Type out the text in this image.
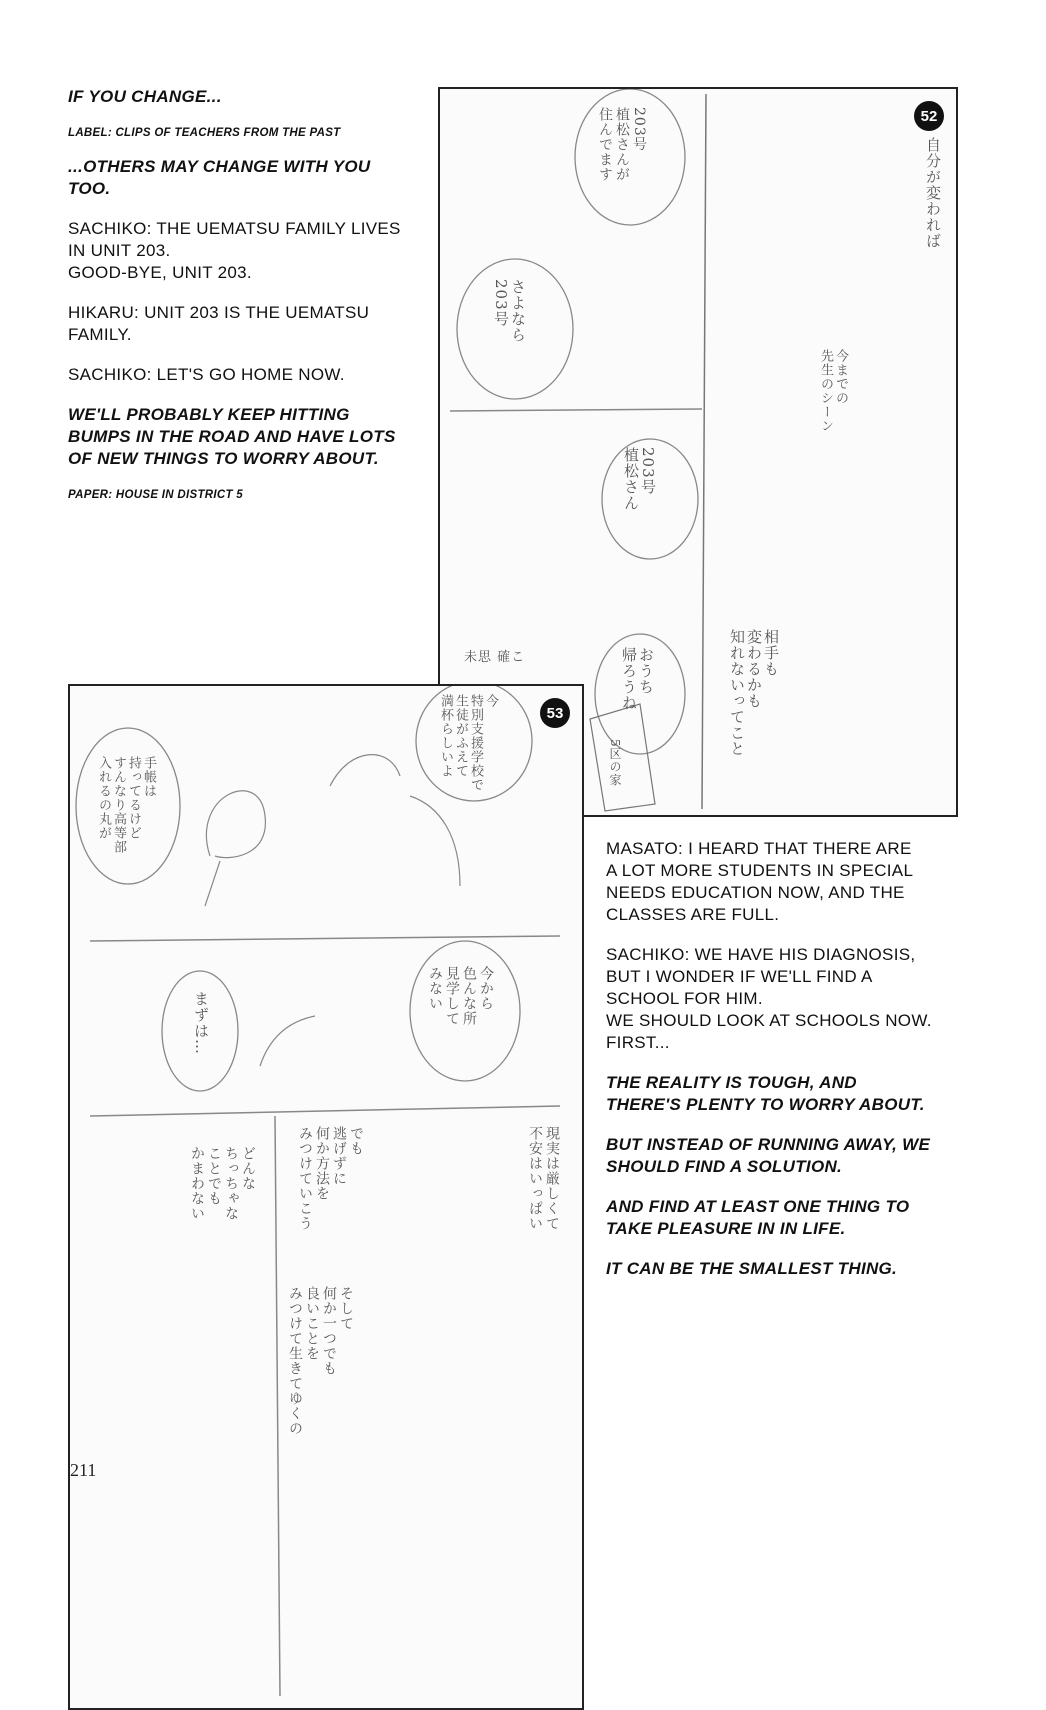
IF YOU CHANGE...

LABEL: CLIPS OF TEACHERS FROM THE PAST

...OTHERS MAY CHANGE WITH YOU
TOO.

SACHIKO: THE UEMATSU FAMILY LIVES
IN UNIT 203.
GOOD-BYE, UNIT 203.

HIKARU: UNIT 203 IS THE UEMATSU
FAMILY.

SACHIKO: LET'S GO HOME NOW.

WE'LL PROBABLY KEEP HITTING
BUMPS IN THE ROAD AND HAVE LOTS
OF NEW THINGS TO WORRY ABOUT.

PAPER: HOUSE IN DISTRICT 5

52
自分が変われば
203号
植松さんが
住んでます
さよなら
203号
203号
植松さん
今までの
先生のシーン
おうち
帰ろうね	相手も
変わるかも
知れないってこと
5区の家
未思 確こ
53
手帳は
持ってるけど
すんなり高等部
入れるの丸が
今
特別支援学校で
生徒がふえて
満杯らしいよ
まずは…
今から
色んな所
見学して
みない
どんな
ちっちゃな
ことでも
かまわない
でも
逃げずに
何か方法を
みつけていこう	現実は厳しくて
不安はいっぱい
そして
何か一つでも
良いことを
みつけて生きてゆくの

MASATO: I HEARD THAT THERE ARE
A LOT MORE STUDENTS IN SPECIAL
NEEDS EDUCATION NOW, AND THE
CLASSES ARE FULL.

SACHIKO: WE HAVE HIS DIAGNOSIS,
BUT I WONDER IF WE'LL FIND A
SCHOOL FOR HIM.
WE SHOULD LOOK AT SCHOOLS NOW.
FIRST...

THE REALITY IS TOUGH, AND
THERE'S PLENTY TO WORRY ABOUT.

BUT INSTEAD OF RUNNING AWAY, WE
SHOULD FIND A SOLUTION.

AND FIND AT LEAST ONE THING TO
TAKE PLEASURE IN IN LIFE.

IT CAN BE THE SMALLEST THING.

211
